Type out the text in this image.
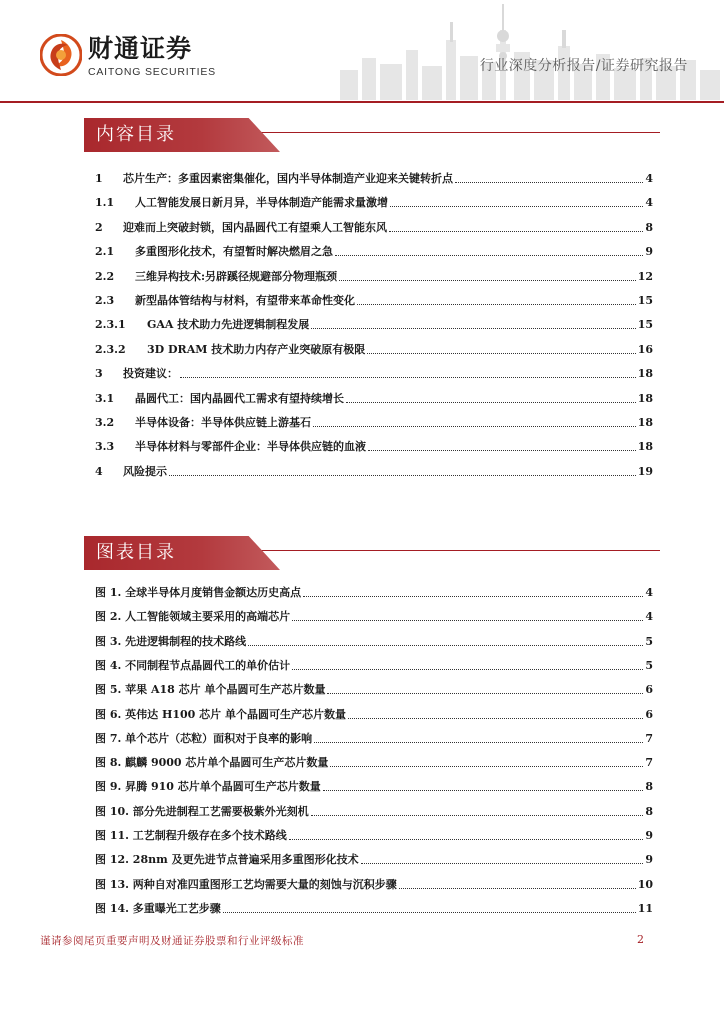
财通证券
CAITONG SECURITIES	行业深度分析报告/证券研究报告
内容目录
1	芯片生产：多重因素密集催化，国内半导体制造产业迎来关键转折点	4
1.1	人工智能发展日新月异，半导体制造产能需求量激增	4
2	迎难而上突破封锁，国内晶圆代工有望乘人工智能东风	8
2.1	多重图形化技术，有望暂时解决燃眉之急	9
2.2	三维异构技术:另辟蹊径规避部分物理瓶颈	12
2.3	新型晶体管结构与材料，有望带来革命性变化	15
2.3.1	GAA 技术助力先进逻辑制程发展	15
2.3.2	3D DRAM 技术助力内存产业突破原有极限	16
3	投资建议：	18
3.1	晶圆代工：国内晶圆代工需求有望持续增长	18
3.2	半导体设备：半导体供应链上游基石	18
3.3	半导体材料与零部件企业：半导体供应链的血液	18
4	风险提示	19
图表目录
图 1. 全球半导体月度销售金额达历史高点	4
图 2. 人工智能领域主要采用的高端芯片	4
图 3. 先进逻辑制程的技术路线	5
图 4. 不同制程节点晶圆代工的单价估计	5
图 5. 苹果 A18 芯片 单个晶圆可生产芯片数量	6
图 6. 英伟达 H100 芯片 单个晶圆可生产芯片数量	6
图 7. 单个芯片（芯粒）面积对于良率的影响	7
图 8. 麒麟 9000 芯片单个晶圆可生产芯片数量	7
图 9. 昇腾 910 芯片单个晶圆可生产芯片数量	8
图 10. 部分先进制程工艺需要极紫外光刻机	8
图 11. 工艺制程升级存在多个技术路线	9
图 12. 28nm 及更先进节点普遍采用多重图形化技术	9
图 13. 两种自对准四重图形工艺均需要大量的刻蚀与沉积步骤	10
图 14. 多重曝光工艺步骤	11
谨请参阅尾页重要声明及财通证券股票和行业评级标准	2
